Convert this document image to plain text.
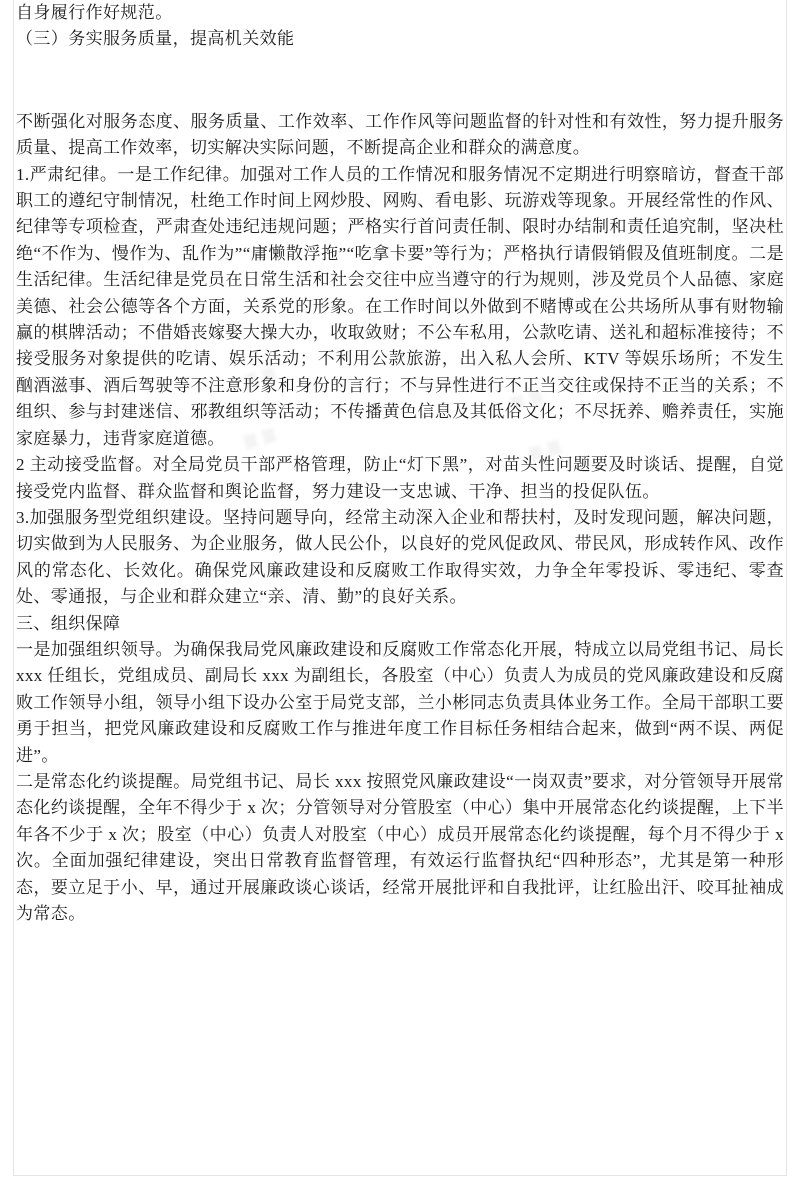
自身履行作好规范。

（三）务实服务质量，提高机关效能

不断强化对服务态度、服务质量、工作效率、工作作风等问题监督的针对性和有效性，努力提升服务质量、提高工作效率，切实解决实际问题，不断提高企业和群众的满意度。

1.严肃纪律。一是工作纪律。加强对工作人员的工作情况和服务情况不定期进行明察暗访，督查干部职工的遵纪守制情况，杜绝工作时间上网炒股、网购、看电影、玩游戏等现象。开展经常性的作风、纪律等专项检查，严肃查处违纪违规问题；严格实行首问责任制、限时办结制和责任追究制，坚决杜绝“不作为、慢作为、乱作为”“庸懒散浮拖”“吃拿卡要”等行为；严格执行请假销假及值班制度。二是生活纪律。生活纪律是党员在日常生活和社会交往中应当遵守的行为规则，涉及党员个人品德、家庭美德、社会公德等各个方面，关系党的形象。在工作时间以外做到不赌博或在公共场所从事有财物输赢的棋牌活动；不借婚丧嫁娶大操大办，收取敛财；不公车私用，公款吃请、送礼和超标准接待；不接受服务对象提供的吃请、娱乐活动；不利用公款旅游，出入私人会所、KTV 等娱乐场所；不发生酗酒滋事、酒后驾驶等不注意形象和身份的言行；不与异性进行不正当交往或保持不正当的关系；不组织、参与封建迷信、邪教组织等活动；不传播黄色信息及其低俗文化；不尽抚养、赡养责任，实施家庭暴力，违背家庭道德。

2 主动接受监督。对全局党员干部严格管理，防止“灯下黑”，对苗头性问题要及时谈话、提醒，自觉接受党内监督、群众监督和舆论监督，努力建设一支忠诚、干净、担当的投促队伍。

3.加强服务型党组织建设。坚持问题导向，经常主动深入企业和帮扶村，及时发现问题，解决问题，切实做到为人民服务、为企业服务，做人民公仆，以良好的党风促政风、带民风，形成转作风、改作风的常态化、长效化。确保党风廉政建设和反腐败工作取得实效，力争全年零投诉、零违纪、零查处、零通报，与企业和群众建立“亲、清、勤”的良好关系。

三、组织保障

一是加强组织领导。为确保我局党风廉政建设和反腐败工作常态化开展，特成立以局党组书记、局长 xxx 任组长，党组成员、副局长 xxx 为副组长，各股室（中心）负责人为成员的党风廉政建设和反腐败工作领导小组，领导小组下设办公室于局党支部，兰小彬同志负责具体业务工作。全局干部职工要勇于担当，把党风廉政建设和反腐败工作与推进年度工作目标任务相结合起来，做到“两不误、两促进”。

二是常态化约谈提醒。局党组书记、局长 xxx 按照党风廉政建设“一岗双责”要求，对分管领导开展常态化约谈提醒，全年不得少于 x 次；分管领导对分管股室（中心）集中开展常态化约谈提醒，上下半年各不少于 x 次；股室（中心）负责人对股室（中心）成员开展常态化约谈提醒，每个月不得少于 x 次。全面加强纪律建设，突出日常教育监督管理，有效运行监督执纪“四种形态”，尤其是第一种形态，要立足于小、早，通过开展廉政谈心谈话，经常开展批评和自我批评，让红脸出汗、咬耳扯袖成为常态。
